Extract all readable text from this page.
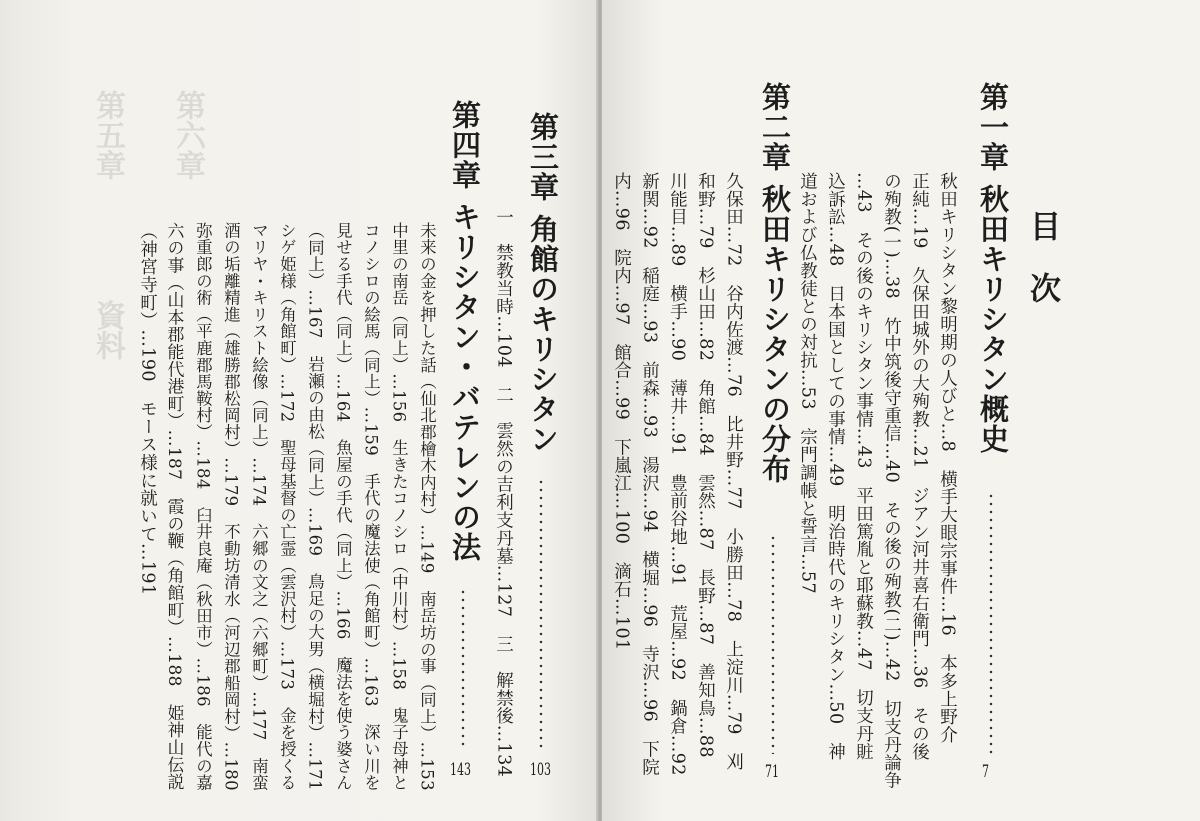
第五章 第六章
資料
目　次
第一章秋田キリシタン概史
7
秋田キリシタン黎明期の人びと…8　横手大眼宗事件…16　本多上野介
正純…19　久保田城外の大殉教…21　ジアン河井喜右衛門…36　その後
の殉教(一)…38　竹中筑後守重信…40　その後の殉教(二)…42　切支丹論争
…43　その後のキリシタン事情…43　平田篤胤と耶蘇教…47　切支丹賍
込訴訟…48　日本国としての事情…49　明治時代のキリシタン…50　神
道および仏教徒との対抗…53　宗門調帳と誓言…57
第二章秋田キリシタンの分布
71
久保田…72　谷内佐渡…76　比井野…77　小勝田…78　上淀川…79　刈
和野…79　杉山田…82　角館…84　雲然…87　長野…87　善知鳥…88
川能目…89　横手…90　薄井…91　豊前谷地…91　荒屋…92　鍋倉…92
新関…92　稲庭…93　前森…93　湯沢…94　横堀…96　寺沢…96　下院
内…96　院内…97　館合…99　下嵐江…100　滴石…101
第三章角館のキリシタン
103
一　禁教当時…104　二　雲然の吉利支丹墓…127　三　解禁後…134
第四章キリシタン・バテレンの法
143
未来の金を押した話（仙北郡檜木内村）…149　南岳坊の事（同上）…153
中里の南岳（同上）…156　生きたコノシロ（中川村）…158　鬼子母神と
コノシロの絵馬（同上）…159　手代の魔法使（角館町）…163　深い川を
見せる手代（同上）…164　魚屋の手代（同上）…166　魔法を使う婆さん
（同上）…167　岩瀬の由松（同上）…169　鳥足の大男（横堀村）…171
シゲ姫様（角館町）…172　聖母基督の亡霊（雲沢村）…173　金を授くる
マリヤ・キリスト絵像（同上）…174　六郷の文之（六郷町）…177　南蛮
酒の垢離精進（雄勝郡松岡村）…179　不動坊清水（河辺郡船岡村）…180
弥重郎の術（平鹿郡馬鞍村）…184　臼井良庵（秋田市）…186　能代の嘉
六の事（山本郡能代港町）…187　霞の鞭（角館町）…188　姫神山伝説
（神宮寺町）…190　モース様に就いて…191
